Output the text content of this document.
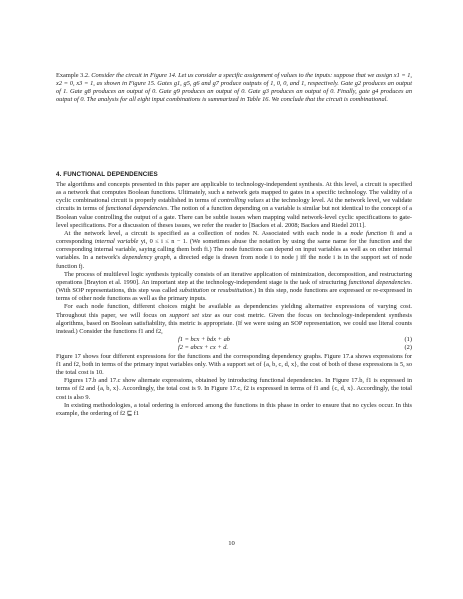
Example 3.2. Consider the circuit in Figure 14. Let us consider a specific assignment of values to the inputs: suppose that we assign x1 = 1, x2 = 0, x3 = 1, as shown in Figure 15. Gates g1, g5, g6 and g7 produce outputs of 1, 0, 0, and 1, respectively. Gate g2 produces an output of 1. Gate g8 produces an output of 0. Gate g9 produces an output of 0. Gate g3 produces an output of 0. Finally, gate g4 produces an output of 0. The analysis for all eight input combinations is summarized in Table 16. We conclude that the circuit is combinational.
4. FUNCTIONAL DEPENDENCIES

The algorithms and concepts presented in this paper are applicable to technology-independent synthesis. At this level, a circuit is specified as a network that computes Boolean functions. Ultimately, such a network gets mapped to gates in a specific technology. The validity of a cyclic combinational circuit is properly established in terms of controlling values at the technology level. At the network level, we validate circuits in terms of functional dependencies. The notion of a function depending on a variable is similar but not identical to the concept of a Boolean value controlling the output of a gate. There can be subtle issues when mapping valid network-level cyclic specifications to gate-level specifications. For a discussion of theses issues, we refer the reader to [Backes et al. 2008; Backes and Riedel 2011].

At the network level, a circuit is specified as a collection of nodes N. Associated with each node is a node function fi and a corresponding internal variable yi, 0 ≤ i ≤ n − 1. (We sometimes abuse the notation by using the same name for the function and the corresponding internal variable, saying calling them both fi.) The node functions can depend on input variables as well as on other internal variables. In a network's dependency graph, a directed edge is drawn from node i to node j iff the node i is in the support set of node function fj.

The process of multilevel logic synthesis typically consists of an iterative application of minimization, decomposition, and restructuring operations [Brayton et al. 1990]. An important step at the technology-independent stage is the task of structuring functional dependencies. (With SOP representations, this step was called substitution or resubstitution.) In this step, node functions are expressed or re-expressed in terms of other node functions as well as the primary inputs.

For each node function, different choices might be available as dependencies yielding alternative expressions of varying cost. Throughout this paper, we will focus on support set size as our cost metric. Given the focus on technology-independent synthesis algorithms, based on Boolean satisfiability, this metric is appropriate. (If we were using an SOP representation, we could use literal counts instead.) Consider the functions f1 and f2,

f1 = bcx + bdx + ab	(1)
f2 = abcx + cx + d.	(2)

Figure 17 shows four different expressions for the functions and the corresponding dependency graphs. Figure 17.a shows expressions for f1 and f2, both in terms of the primary input variables only. With a support set of {a, b, c, d, x}, the cost of both of these expressions is 5, so the total cost is 10.

Figures 17.b and 17.c show alternate expressions, obtained by introducing functional dependencies. In Figure 17.b, f1 is expressed in terms of f2 and {a, b, x}. Accordingly, the total cost is 9. In Figure 17.c, f2 is expressed in terms of f1 and {c, d, x}. Accordingly, the total cost is also 9.

In existing methodologies, a total ordering is enforced among the functions in this phase in order to ensure that no cycles occur. In this example, the ordering of f2 ⊑ f1

10
